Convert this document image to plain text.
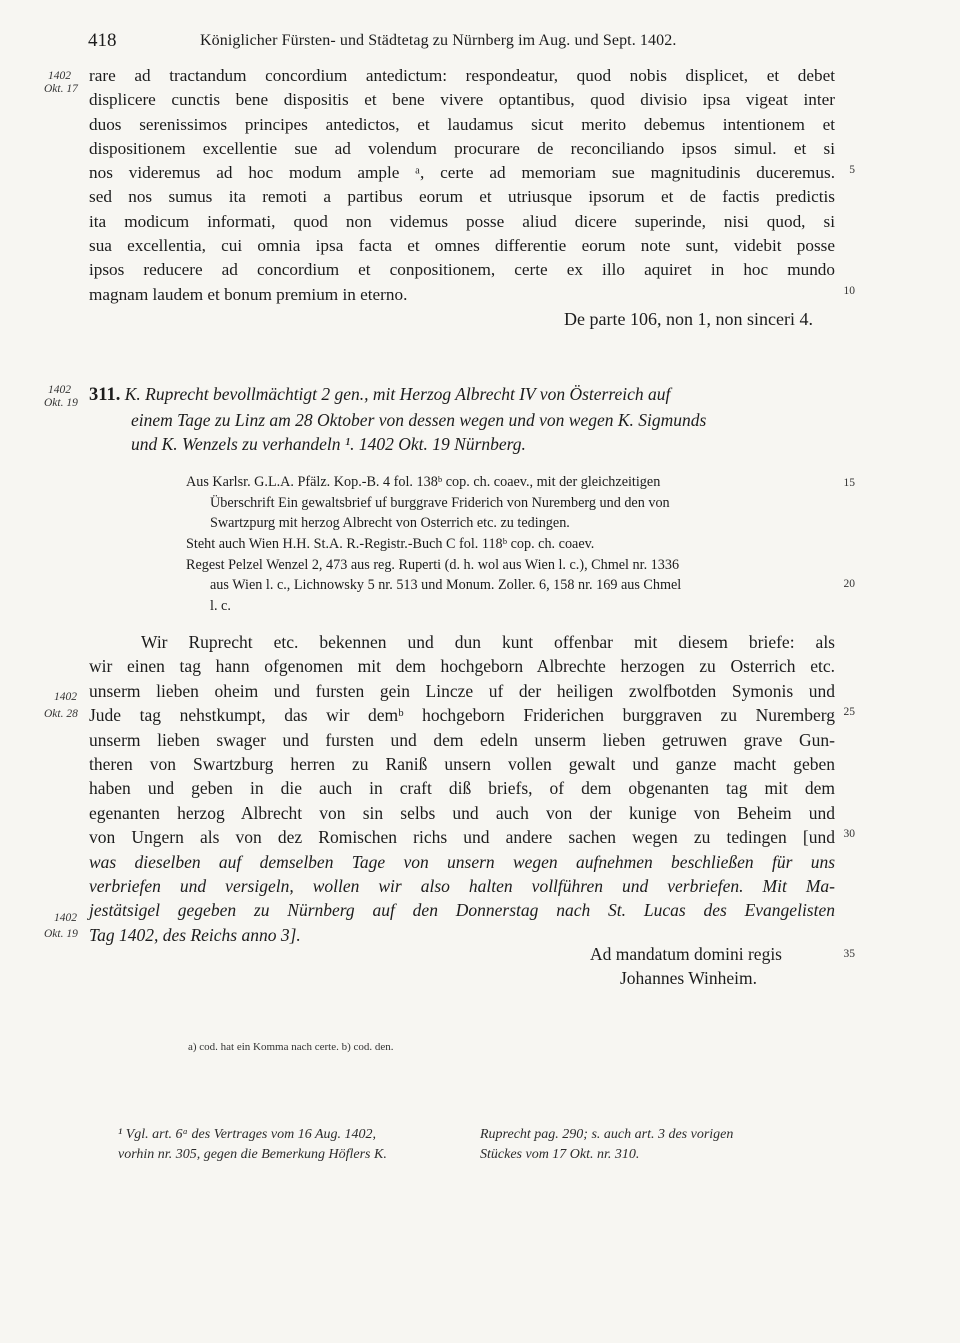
418	Königlicher Fürsten- und Städtetag zu Nürnberg im Aug. und Sept. 1402.
1402
Okt. 17
rare ad tractandum concordium antedictum: respondeatur, quod nobis displicet, et debet
displicere cunctis bene dispositis et bene vivere optantibus, quod divisio ipsa vigeat inter
duos serenissimos principes antedictos, et laudamus sicut merito debemus intentionem et
dispositionem excellentie sue ad volendum procurare de reconciliando ipsos simul. et si
nos videremus ad hoc modum ample ᵃ, certe ad memoriam sue magnitudinis duceremus.
sed nos sumus ita remoti a partibus eorum et utriusque ipsorum et de factis predictis
ita modicum informati, quod non videmus posse aliud dicere superinde, nisi quod, si
sua excellentia, cui omnia ipsa facta et omnes differentie eorum note sunt, videbit posse
ipsos reducere ad concordium et conpositionem, certe ex illo aquiret in hoc mundo
magnam laudem et bonum premium in eterno.
De parte 106, non 1, non sinceri 4.
5
10
1402
Okt. 19 311. K. Ruprecht bevollmächtigt 2 gen., mit Herzog Albrecht IV von Österreich auf
einem Tage zu Linz am 28 Oktober von dessen wegen und von wegen K. Sigmunds
und K. Wenzels zu verhandeln ¹. 1402 Okt. 19 Nürnberg.
Aus Karlsr. G.L.A. Pfälz. Kop.-B. 4 fol. 138ᵇ cop. ch. coaev., mit der gleichzeitigen
Überschrift Ein gewaltsbrief uf burggrave Friderich von Nuremberg und den von
Swartzpurg mit herzog Albrecht von Osterrich etc. zu tedingen.
Steht auch Wien H.H. St.A. R.-Registr.-Buch C fol. 118ᵇ cop. ch. coaev.
Regest Pelzel Wenzel 2, 473 aus reg. Ruperti (d. h. wol aus Wien l. c.), Chmel nr. 1336
aus Wien l. c., Lichnowsky 5 nr. 513 und Monum. Zoller. 6, 158 nr. 169 aus Chmel
l. c.
15
20
1402
Okt. 28
1402
Okt. 19
Wir Ruprecht etc. bekennen und dun kunt offenbar mit diesem briefe: als
wir einen tag hann ofgenomen mit dem hochgeborn Albrechte herzogen zu Osterrich etc.
unserm lieben oheim und fursten gein Lincze uf der heiligen zwolfbotden Symonis und
Jude tag nehstkumpt, das wir demᵇ hochgeborn Friderichen burggraven zu Nuremberg
unserm lieben swager und fursten und dem edeln unserm lieben getruwen grave Gun-
theren von Swartzburg herren zu Raniß unsern vollen gewalt und ganze macht geben
haben und geben in die auch in craft diß briefs, of dem obgenanten tag mit dem
egenanten herzog Albrecht von sin selbs und auch von der kunige von Beheim und
von Ungern als von dez Romischen richs und andere sachen wegen zu tedingen [und
was dieselben auf demselben Tage von unsern wegen aufnehmen beschließen für uns
verbriefen und versigeln, wollen wir also halten vollführen und verbriefen. Mit Ma-
jestätsigel gegeben zu Nürnberg auf den Donnerstag nach St. Lucas des Evangelisten
Tag 1402, des Reichs anno 3].
25
30
35
Ad mandatum domini regis
Johannes Winheim.
a) cod. hat ein Komma nach certe. b) cod. den.
¹ Vgl. art. 6ᵃ des Vertrages vom 16 Aug. 1402,	Ruprecht pag. 290; s. auch art. 3 des vorigen
vorhin nr. 305, gegen die Bemerkung Höflers K.	Stückes vom 17 Okt. nr. 310.
